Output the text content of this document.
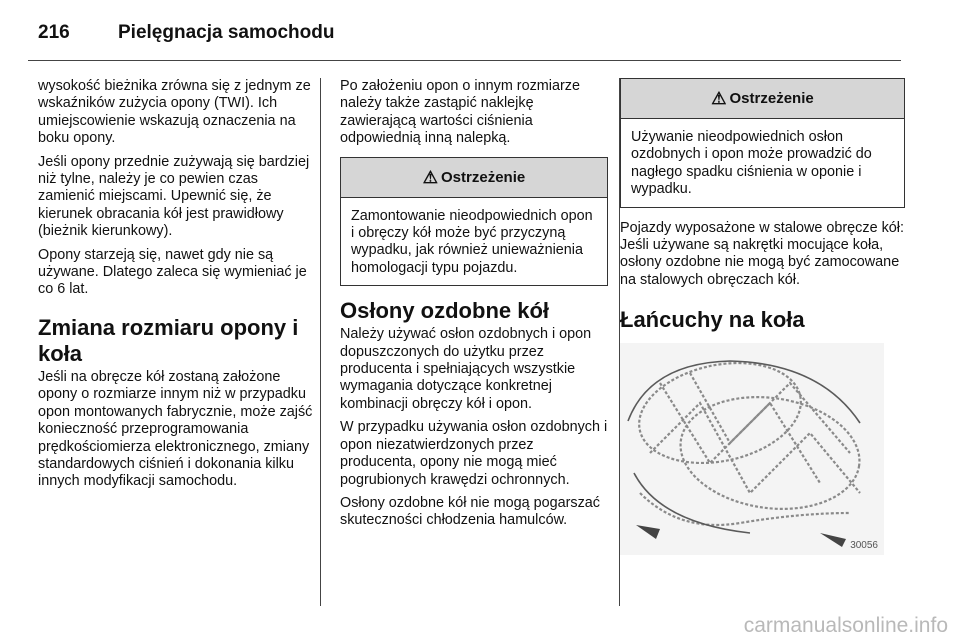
216	Pielęgnacja samochodu

wysokość bieżnika zrówna się z jednym ze wskaźników zużycia opony (TWI). Ich umiejscowienie wskazują oznaczenia na boku opony.

Jeśli opony przednie zużywają się bardziej niż tylne, należy je co pewien czas zamienić miejscami. Upewnić się, że kierunek obracania kół jest prawidłowy (bieżnik kierunkowy).

Opony starzeją się, nawet gdy nie są używane. Dlatego zaleca się wymieniać je co 6 lat.

Zmiana rozmiaru opony i koła

Jeśli na obręcze kół zostaną założone opony o rozmiarze innym niż w przypadku opon montowanych fabrycznie, może zajść konieczność przeprogramowania prędkościomierza elektronicznego, zmiany standardowych ciśnień i dokonania kilku innych modyfikacji samochodu.

Po założeniu opon o innym rozmiarze należy także zastąpić naklejkę zawierającą wartości ciśnienia odpowiednią inną nalepką.

⚠ Ostrzeżenie

Zamontowanie nieodpowiednich opon i obręczy kół może być przyczyną wypadku, jak również unieważnienia homologacji typu pojazdu.

Osłony ozdobne kół

Należy używać osłon ozdobnych i opon dopuszczonych do użytku przez producenta i spełniających wszystkie wymagania dotyczące konkretnej kombinacji obręczy kół i opon.

W przypadku używania osłon ozdobnych i opon niezatwierdzonych przez producenta, opony nie mogą mieć pogrubionych krawędzi ochronnych.

Osłony ozdobne kół nie mogą pogarszać skuteczności chłodzenia hamulców.

⚠ Ostrzeżenie

Używanie nieodpowiednich osłon ozdobnych i opon może prowadzić do nagłego spadku ciśnienia w oponie i wypadku.

Pojazdy wyposażone w stalowe obręcze kół: Jeśli używane są nakrętki mocujące koła, osłony ozdobne nie mogą być zamocowane na stalowych obręczach kół.

Łańcuchy na koła
30056
carmanualsonline.info
